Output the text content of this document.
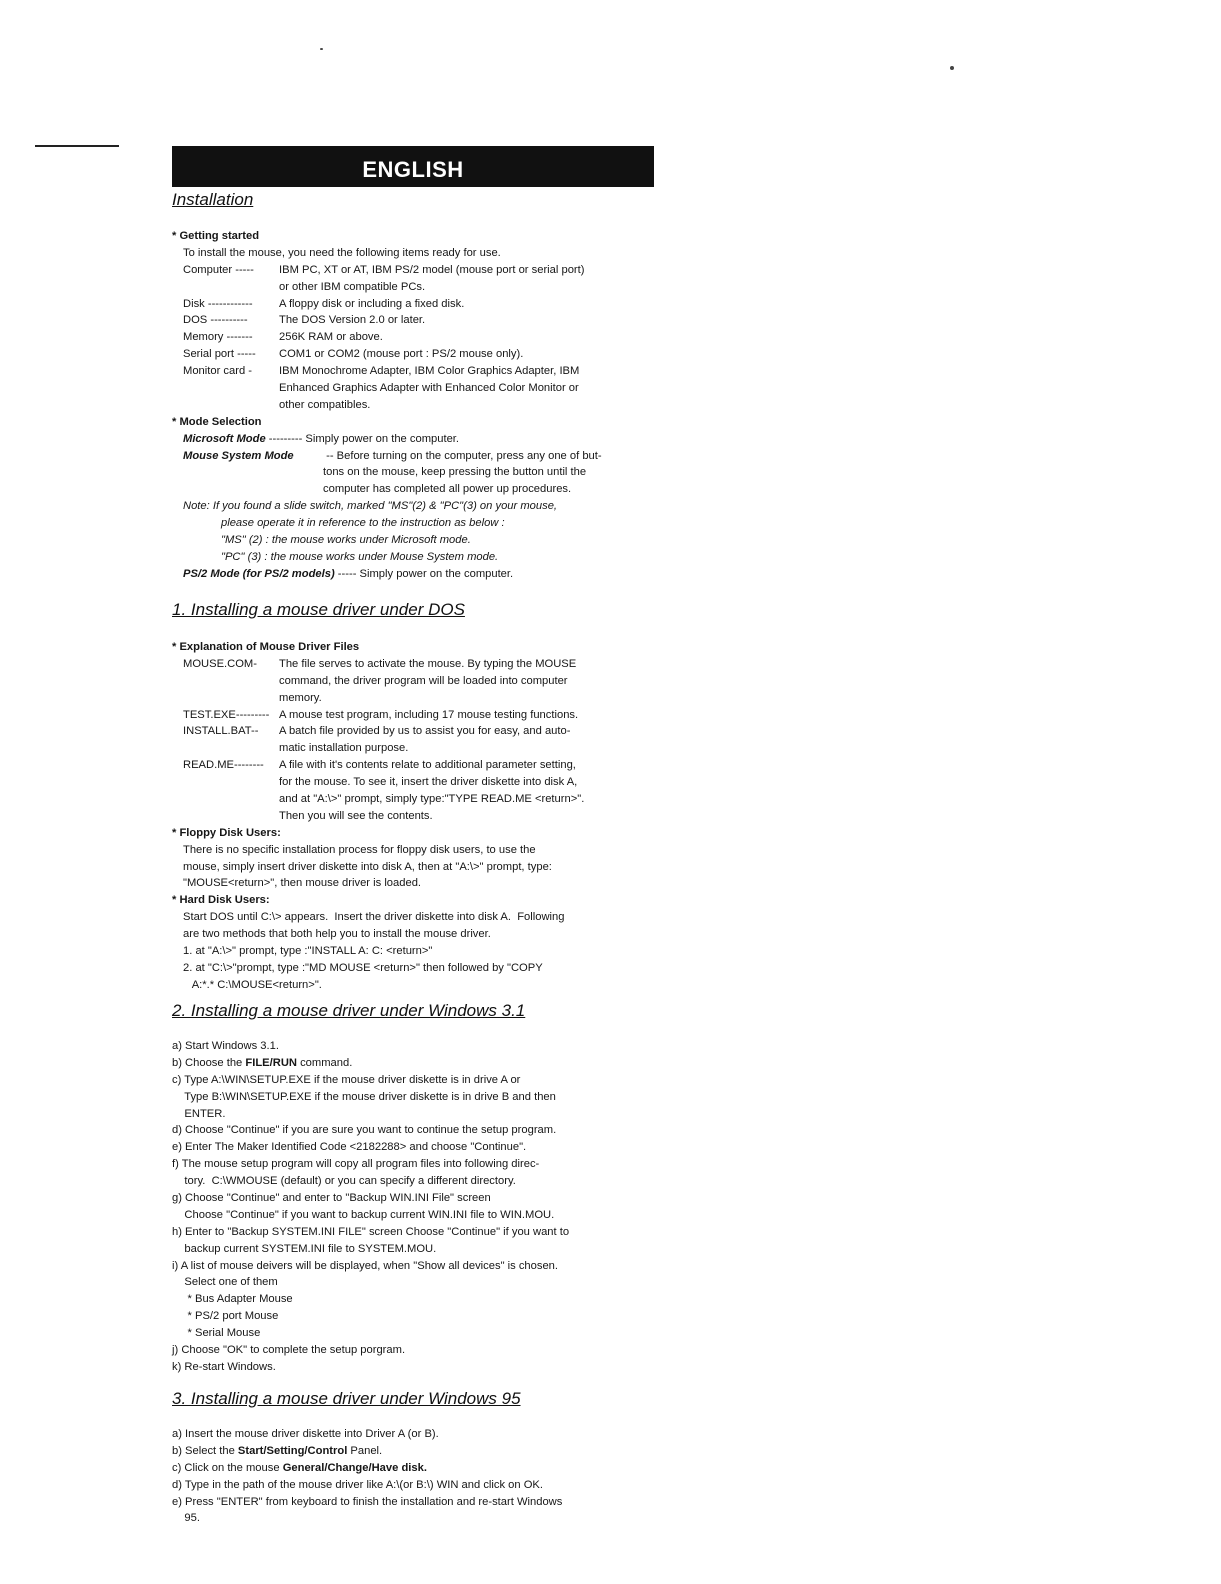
ENGLISH
Installation
* Getting started
To install the mouse, you need the following items ready for use.
Computer -----	IBM PC, XT or AT, IBM PS/2 model (mouse port or serial port)
or other IBM compatible PCs.
Disk ------------	A floppy disk or including a fixed disk.
DOS ----------	The DOS Version 2.0 or later.
Memory -------	256K RAM or above.
Serial port -----	COM1 or COM2 (mouse port : PS/2 mouse only).
Monitor card -	IBM Monochrome Adapter, IBM Color Graphics Adapter, IBM
Enhanced Graphics Adapter with Enhanced Color Monitor or
other compatibles.
* Mode Selection
Microsoft Mode --------- Simply power on the computer.
Mouse System Mode	-- Before turning on the computer, press any one of but-
tons on the mouse, keep pressing the button until the
computer has completed all power up procedures.
Note: If you found a slide switch, marked "MS"(2) & "PC"(3) on your mouse,
please operate it in reference to the instruction as below :
"MS" (2) : the mouse works under Microsoft mode.
"PC" (3) : the mouse works under Mouse System mode.
PS/2 Mode (for PS/2 models) ----- Simply power on the computer.
1. Installing a mouse driver under DOS
* Explanation of Mouse Driver Files
MOUSE.COM-	The file serves to activate the mouse. By typing the MOUSE
command, the driver program will be loaded into computer
memory.
TEST.EXE--------- A mouse test program, including 17 mouse testing functions.
INSTALL.BAT--	A batch file provided by us to assist you for easy, and auto-
matic installation purpose.
READ.ME--------	A file with it's contents relate to additional parameter setting,
for the mouse. To see it, insert the driver diskette into disk A,
and at "A:\>" prompt, simply type:"TYPE READ.ME <return>".
Then you will see the contents.
* Floppy Disk Users:
There is no specific installation process for floppy disk users, to use the
mouse, simply insert driver diskette into disk A, then at "A:\>" prompt, type:
"MOUSE<return>", then mouse driver is loaded.
* Hard Disk Users:
Start DOS until C:\> appears.  Insert the driver diskette into disk A.  Following
are two methods that both help you to install the mouse driver.
1. at "A:\>" prompt, type :"INSTALL A: C: <return>"
2. at "C:\>"prompt, type :"MD MOUSE <return>" then followed by "COPY
A:*.* C:\MOUSE<return>".
2. Installing a mouse driver under Windows 3.1
a) Start Windows 3.1.
b) Choose the FILE/RUN command.
c) Type A:\WIN\SETUP.EXE if the mouse driver diskette is in drive A or
Type B:\WIN\SETUP.EXE if the mouse driver diskette is in drive B and then
ENTER.
d) Choose "Continue" if you are sure you want to continue the setup program.
e) Enter The Maker Identified Code <2182288> and choose "Continue".
f) The mouse setup program will copy all program files into following direc-
tory.  C:\WMOUSE (default) or you can specify a different directory.
g) Choose "Continue" and enter to "Backup WIN.INI File" screen
Choose "Continue" if you want to backup current WIN.INI file to WIN.MOU.
h) Enter to "Backup SYSTEM.INI FILE" screen Choose "Continue" if you want to
backup current SYSTEM.INI file to SYSTEM.MOU.
i) A list of mouse deivers will be displayed, when "Show all devices" is chosen.
Select one of them
* Bus Adapter Mouse
* PS/2 port Mouse
* Serial Mouse
j) Choose "OK" to complete the setup porgram.
k) Re-start Windows.
3. Installing a mouse driver under Windows 95
a) Insert the mouse driver diskette into Driver A (or B).
b) Select the Start/Setting/Control Panel.
c) Click on the mouse General/Change/Have disk.
d) Type in the path of the mouse driver like A:\(or B:\) WIN and click on OK.
e) Press "ENTER" from keyboard to finish the installation and re-start Windows
95.
